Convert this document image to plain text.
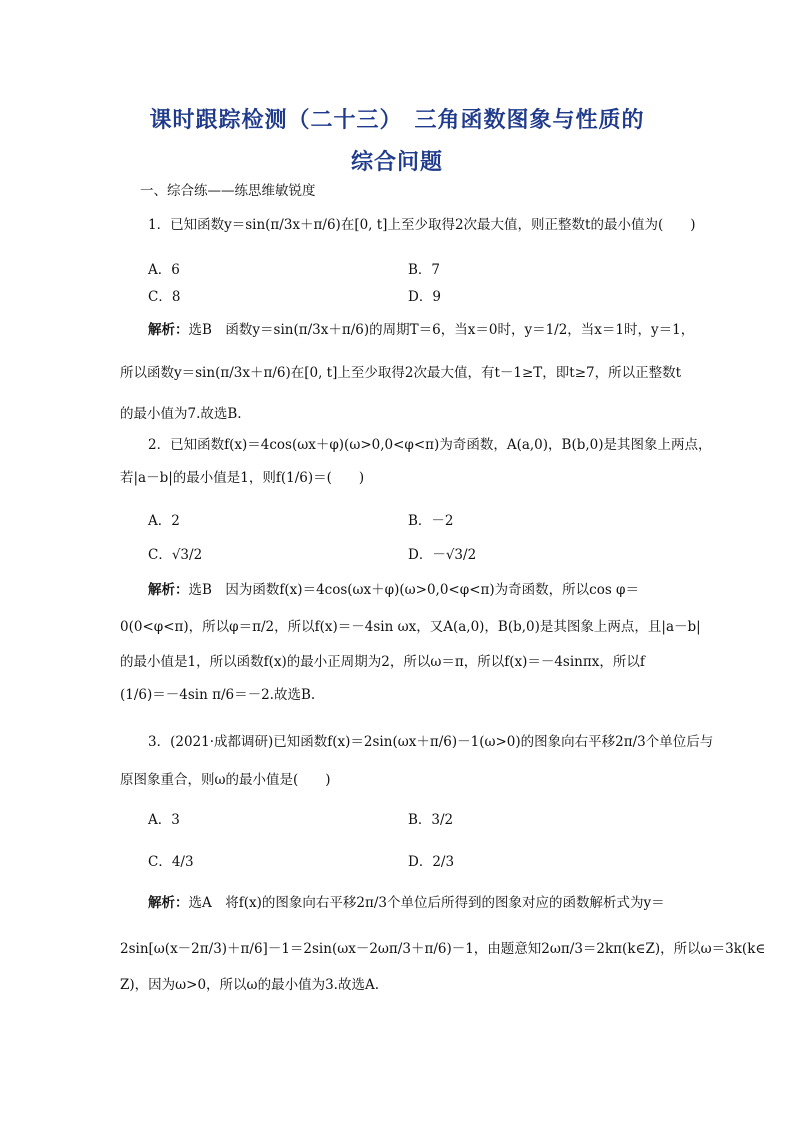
课时跟踪检测（二十三）　三角函数图象与性质的
综合问题
一、综合练——练思维敏锐度
1．已知函数y＝sin(π/3x＋π/6)在[0, t]上至少取得2次最大值，则正整数t的最小值为(　　)
A．6	B．7
C．8	D．9
解析：选B　函数y＝sin(π/3x＋π/6)的周期T＝6，当x＝0时，y＝1/2，当x＝1时，y＝1，
所以函数y＝sin(π/3x＋π/6)在[0, t]上至少取得2次最大值，有t－1≥T，即t≥7，所以正整数t
的最小值为7.故选B.
2．已知函数f(x)＝4cos(ωx＋φ)(ω>0,0<φ<π)为奇函数，A(a,0)，B(b,0)是其图象上两点，
若|a－b|的最小值是1，则f(1/6)＝(　　)
A．2	B．－2
C．√3/2	D．－√3/2
解析：选B　因为函数f(x)＝4cos(ωx＋φ)(ω>0,0<φ<π)为奇函数，所以cos φ＝
0(0<φ<π)，所以φ＝π/2，所以f(x)＝－4sin ωx，又A(a,0)，B(b,0)是其图象上两点，且|a－b|
的最小值是1，所以函数f(x)的最小正周期为2，所以ω＝π，所以f(x)＝－4sinπx，所以f
(1/6)＝－4sin π/6＝－2.故选B.
3．(2021·成都调研)已知函数f(x)＝2sin(ωx＋π/6)－1(ω>0)的图象向右平移2π/3个单位后与
原图象重合，则ω的最小值是(　　)
A．3	B．3/2
C．4/3	D．2/3
解析：选A　将f(x)的图象向右平移2π/3个单位后所得到的图象对应的函数解析式为y＝
2sin[ω(x－2π/3)＋π/6]－1＝2sin(ωx－2ωπ/3＋π/6)－1，由题意知2ωπ/3＝2kπ(k∈Z)，所以ω＝3k(k∈
Z)，因为ω>0，所以ω的最小值为3.故选A.
